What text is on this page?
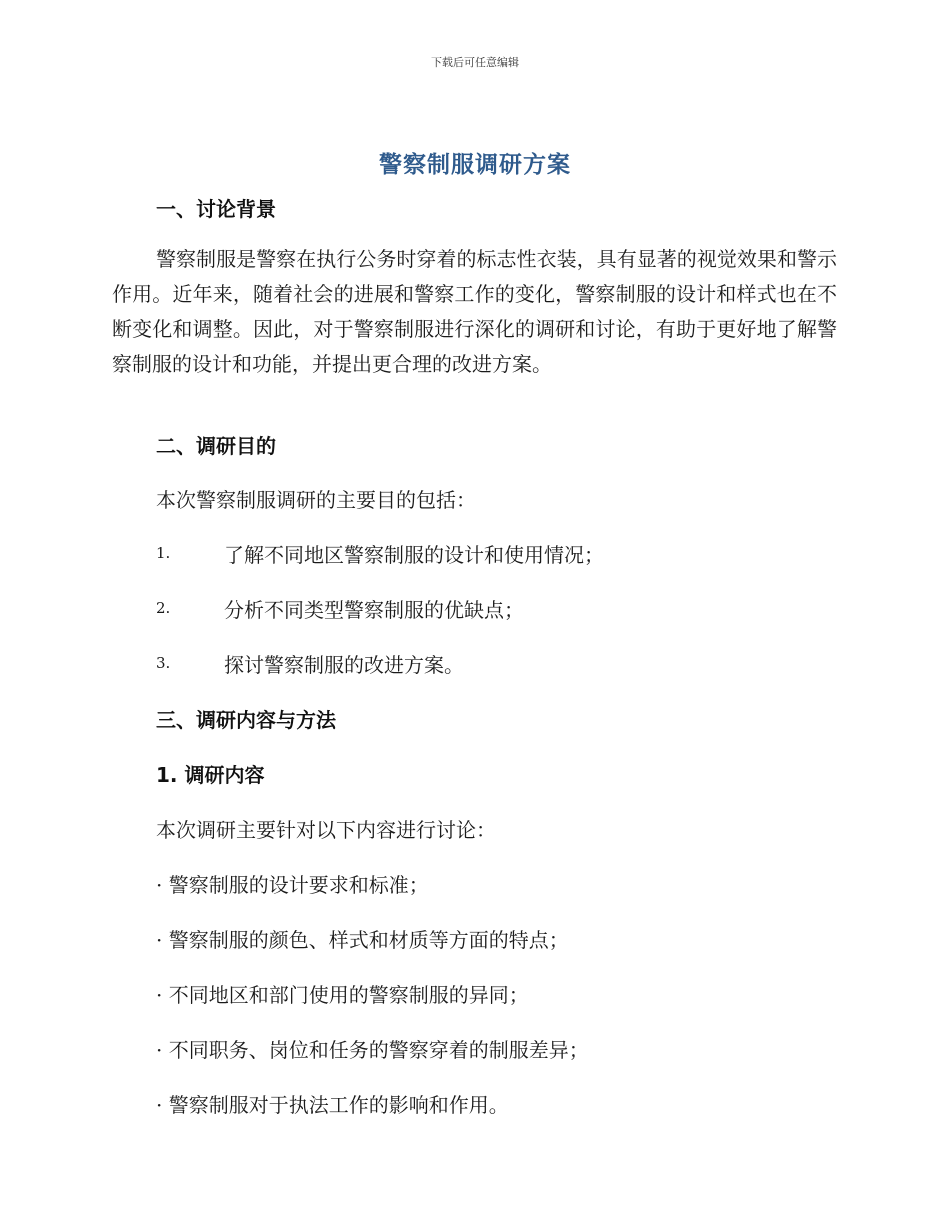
下载后可任意编辑
警察制服调研方案
一、讨论背景

警察制服是警察在执行公务时穿着的标志性衣装，具有显著的视觉效果和警示作用。近年来，随着社会的进展和警察工作的变化，警察制服的设计和样式也在不断变化和调整。因此，对于警察制服进行深化的调研和讨论，有助于更好地了解警察制服的设计和功能，并提出更合理的改进方案。

二、调研目的
本次警察制服调研的主要目的包括：
1.	了解不同地区警察制服的设计和使用情况；
2.	分析不同类型警察制服的优缺点；
3.	探讨警察制服的改进方案。
三、调研内容与方法
1. 调研内容
本次调研主要针对以下内容进行讨论：
· 警察制服的设计要求和标准；
· 警察制服的颜色、样式和材质等方面的特点；
· 不同地区和部门使用的警察制服的异同；
· 不同职务、岗位和任务的警察穿着的制服差异；
· 警察制服对于执法工作的影响和作用。
